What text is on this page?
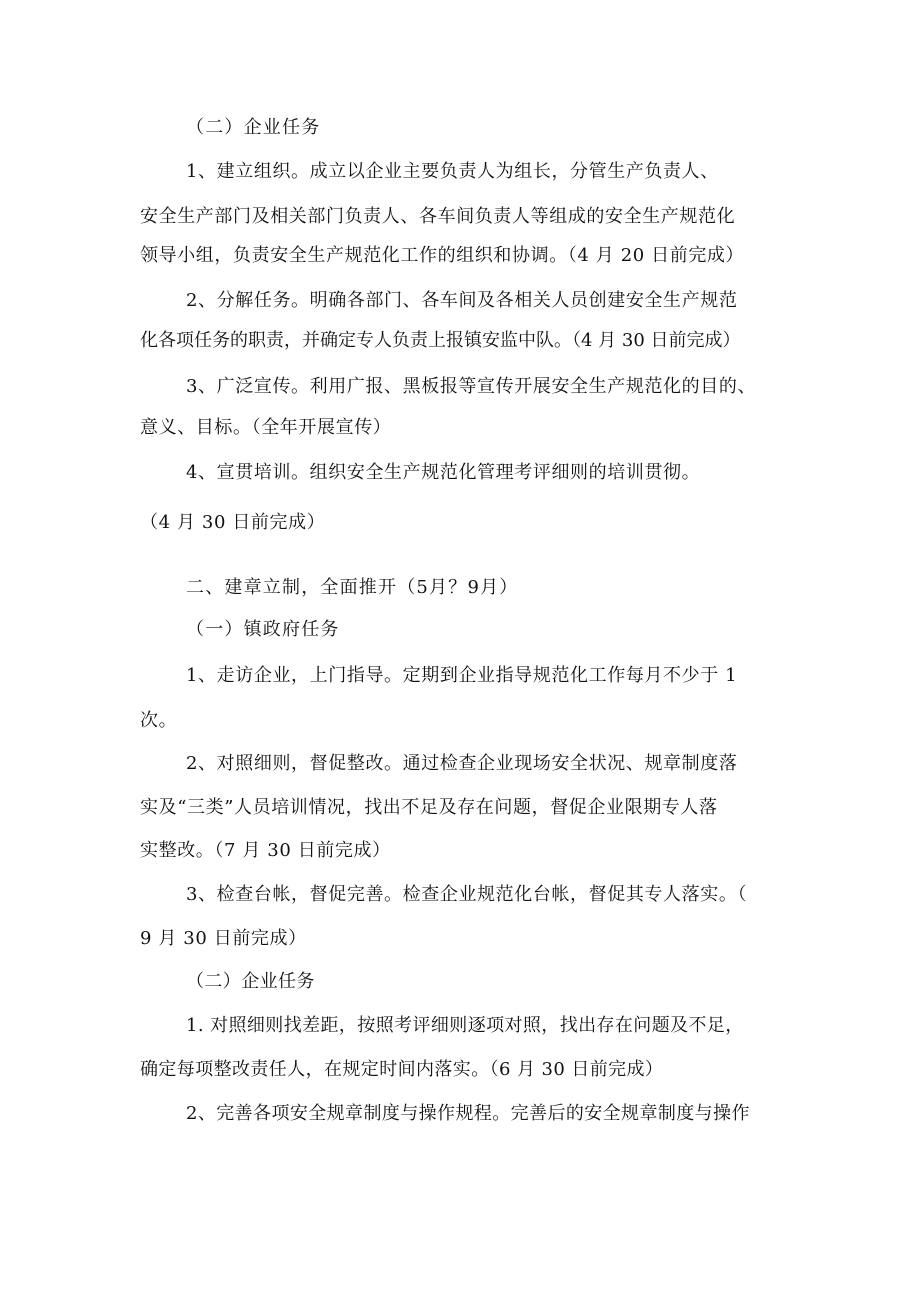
（二）企业任务

1、建立组织。成立以企业主要负责人为组长，分管生产负责人、

安全生产部门及相关部门负责人、各车间负责人等组成的安全生产规范化

领导小组，负责安全生产规范化工作的组织和协调。（4 月 20 日前完成）

2、分解任务。明确各部门、各车间及各相关人员创建安全生产规范

化各项任务的职责，并确定专人负责上报镇安监中队。（4 月 30 日前完成）

3、广泛宣传。利用广报、黑板报等宣传开展安全生产规范化的目的、

意义、目标。（全年开展宣传）

4、宣贯培训。组织安全生产规范化管理考评细则的培训贯彻。

（4 月 30 日前完成）

二、建章立制，全面推开（5月？9月）

（一）镇政府任务

1、走访企业，上门指导。定期到企业指导规范化工作每月不少于 1

次。

2、对照细则，督促整改。通过检查企业现场安全状况、规章制度落

实及“三类”人员培训情况，找出不足及存在问题，督促企业限期专人落

实整改。（7 月 30 日前完成）

3、检查台帐，督促完善。检查企业规范化台帐，督促其专人落实。（

9 月 30 日前完成）

（二）企业任务

1. 对照细则找差距，按照考评细则逐项对照，找出存在问题及不足，

确定每项整改责任人，在规定时间内落实。（6 月 30 日前完成）

2、完善各项安全规章制度与操作规程。完善后的安全规章制度与操作
